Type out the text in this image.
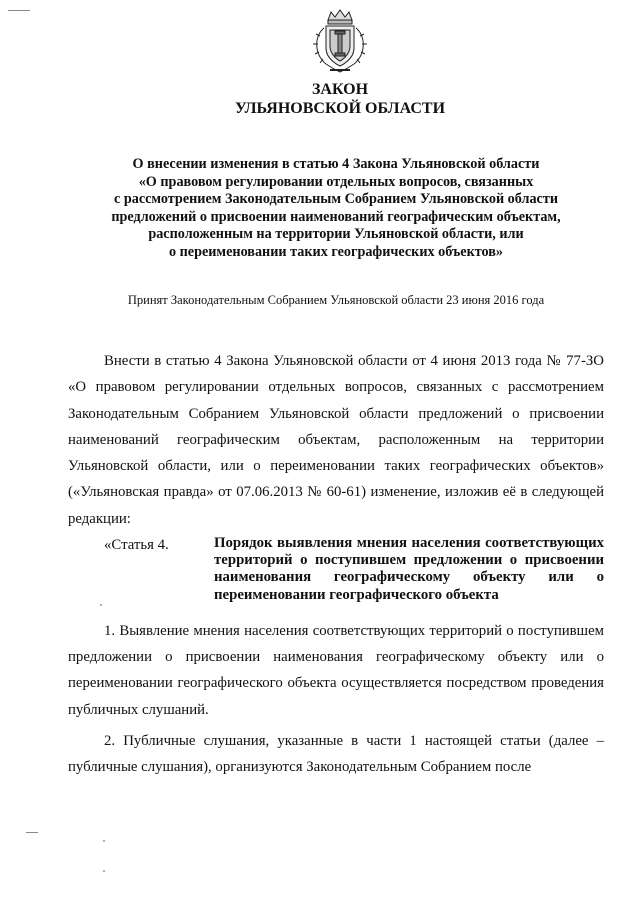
ЗАКОН
УЛЬЯНОВСКОЙ ОБЛАСТИ
О внесении изменения в статью 4 Закона Ульяновской области
«О правовом регулировании отдельных вопросов, связанных
с рассмотрением Законодательным Собранием Ульяновской области
предложений о присвоении наименований географическим объектам,
расположенным на территории Ульяновской области, или
о переименовании таких географических объектов»
Принят Законодательным Собранием Ульяновской области 23 июня 2016 года

Внести в статью 4 Закона Ульяновской области от 4 июня 2013 года № 77-ЗО «О правовом регулировании отдельных вопросов, связанных с рассмотрением Законодательным Собранием Ульяновской области предложений о присвоении наименований географическим объектам, расположенным на территории Ульяновской области, или о переименовании таких географических объектов» («Ульяновская правда» от 07.06.2013 № 60-61) изменение, изложив её в следующей редакции:

«Статья 4.	Порядок выявления мнения населения соответствующих территорий о поступившем предложении о присвоении наименования географическому объекту или о переименовании географического объекта

1. Выявление мнения населения соответствующих территорий о поступившем предложении о присвоении наименования географическому объекту или о переименовании географического объекта осуществляется посредством проведения публичных слушаний.

2. Публичные слушания, указанные в части 1 настоящей статьи (далее – публичные слушания), организуются Законодательным Собранием после
